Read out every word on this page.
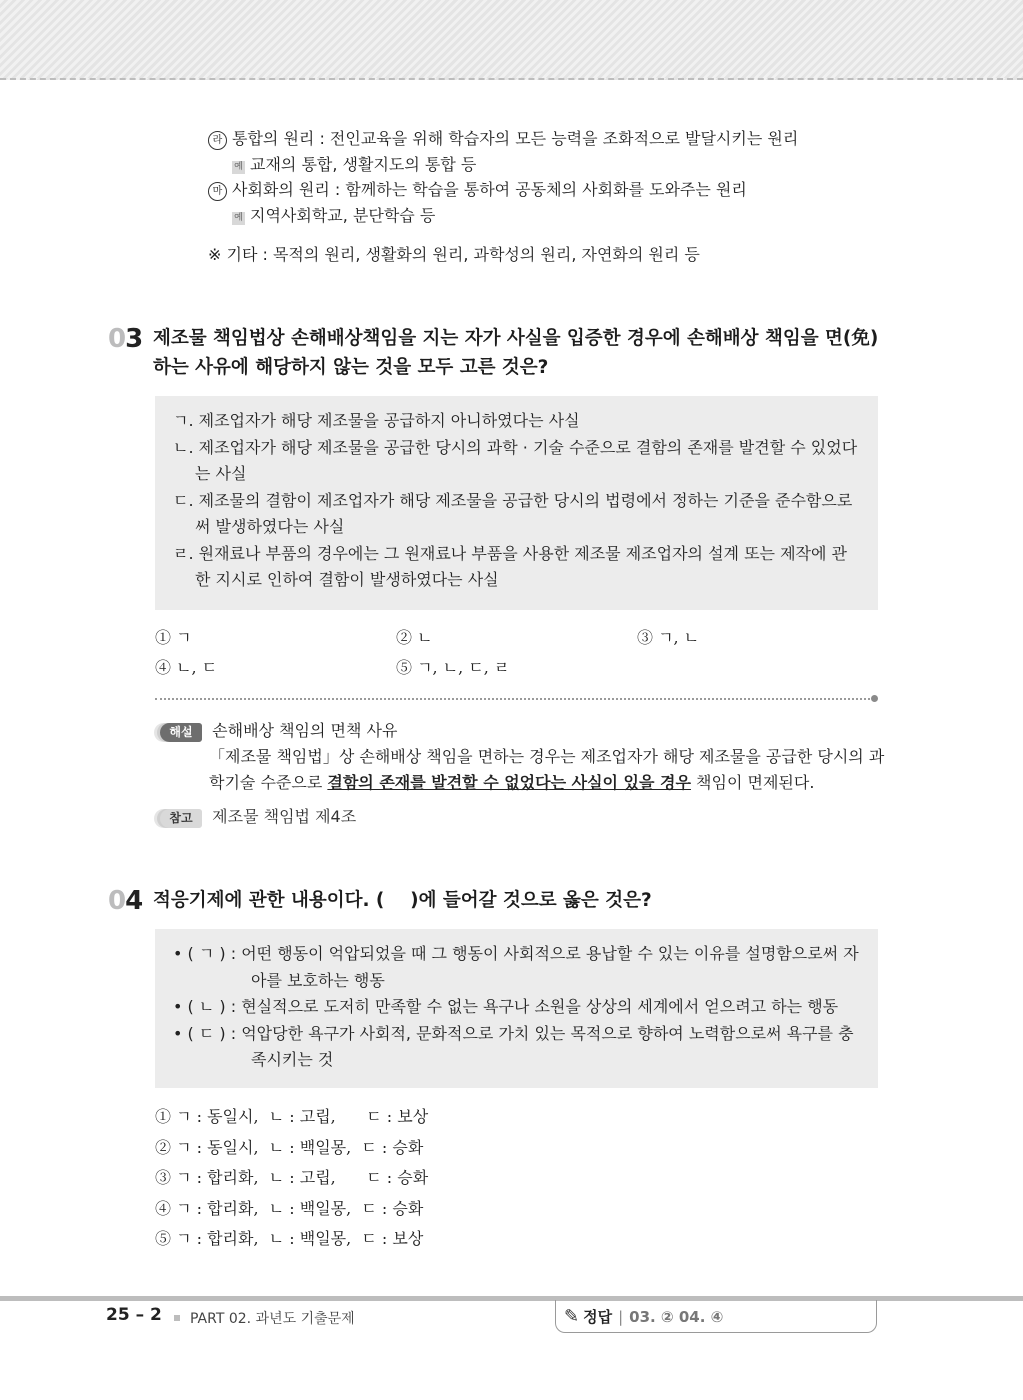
라 통합의 원리 : 전인교육을 위해 학습자의 모든 능력을 조화적으로 발달시키는 원리
예 교재의 통합, 생활지도의 통합 등
마 사회화의 원리 : 함께하는 학습을 통하여 공동체의 사회화를 도와주는 원리
예 지역사회학교, 분단학습 등
※ 기타 : 목적의 원리, 생활화의 원리, 과학성의 원리, 자연화의 원리 등
03 제조물 책임법상 손해배상책임을 지는 자가 사실을 입증한 경우에 손해배상 책임을 면(免)하는 사유에 해당하지 않는 것을 모두 고른 것은?
ㄱ. 제조업자가 해당 제조물을 공급하지 아니하였다는 사실
ㄴ. 제조업자가 해당 제조물을 공급한 당시의 과학 · 기술 수준으로 결함의 존재를 발견할 수 있었다는 사실
ㄷ. 제조물의 결함이 제조업자가 해당 제조물을 공급한 당시의 법령에서 정하는 기준을 준수함으로써 발생하였다는 사실
ㄹ. 원재료나 부품의 경우에는 그 원재료나 부품을 사용한 제조물 제조업자의 설계 또는 제작에 관한 지시로 인하여 결함이 발생하였다는 사실
① ㄱ	② ㄴ	③ ㄱ, ㄴ
④ ㄴ, ㄷ	⑤ ㄱ, ㄴ, ㄷ, ㄹ
해설 손해배상 책임의 면책 사유
「제조물 책임법」상 손해배상 책임을 면하는 경우는 제조업자가 해당 제조물을 공급한 당시의 과학기술 수준으로 결함의 존재를 발견할 수 없었다는 사실이 있을 경우 책임이 면제된다.
참고 제조물 책임법 제4조
04 적응기제에 관한 내용이다. (    )에 들어갈 것으로 옳은 것은?
• ( ㄱ ) : 어떤 행동이 억압되었을 때 그 행동이 사회적으로 용납할 수 있는 이유를 설명함으로써 자아를 보호하는 행동
• ( ㄴ ) : 현실적으로 도저히 만족할 수 없는 욕구나 소원을 상상의 세계에서 얻으려고 하는 행동
• ( ㄷ ) : 억압당한 욕구가 사회적, 문화적으로 가치 있는 목적으로 향하여 노력함으로써 욕구를 충족시키는 것
① ㄱ : 동일시,  ㄴ : 고립,      ㄷ : 보상
② ㄱ : 동일시,  ㄴ : 백일몽,  ㄷ : 승화
③ ㄱ : 합리화,  ㄴ : 고립,      ㄷ : 승화
④ ㄱ : 합리화,  ㄴ : 백일몽,  ㄷ : 승화
⑤ ㄱ : 합리화,  ㄴ : 백일몽,  ㄷ : 보상
25 – 2	PART 02. 과년도 기출문제	✎ 정답 | 03. ② 04. ④
